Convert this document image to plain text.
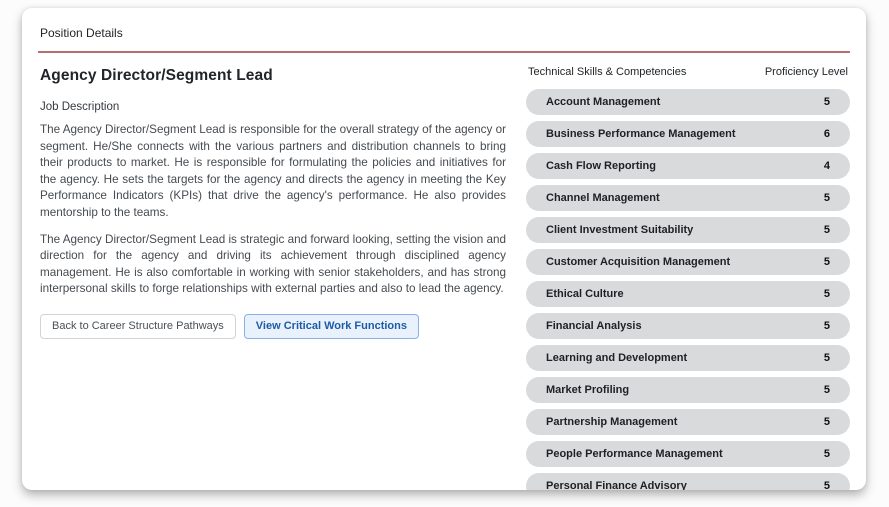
Position Details
Agency Director/Segment Lead
Job Description

The Agency Director/Segment Lead is responsible for the overall strategy of the agency or segment. He/She connects with the various partners and distribution channels to bring their products to market. He is responsible for formulating the policies and initiatives for the agency. He sets the targets for the agency and directs the agency in meeting the Key Performance Indicators (KPIs) that drive the agency's performance. He also provides mentorship to the teams.

The Agency Director/Segment Lead is strategic and forward looking, setting the vision and direction for the agency and driving its achievement through disciplined agency management. He is also comfortable in working with senior stakeholders, and has strong interpersonal skills to forge relationships with external parties and also to lead the agency.

Back to Career Structure Pathways	View Critical Work Functions
Technical Skills & Competencies	Proficiency Level
Account Management	5
Business Performance Management	6
Cash Flow Reporting	4
Channel Management	5
Client Investment Suitability	5
Customer Acquisition Management	5
Ethical Culture	5
Financial Analysis	5
Learning and Development	5
Market Profiling	5
Partnership Management	5
People Performance Management	5
Personal Finance Advisory	5
